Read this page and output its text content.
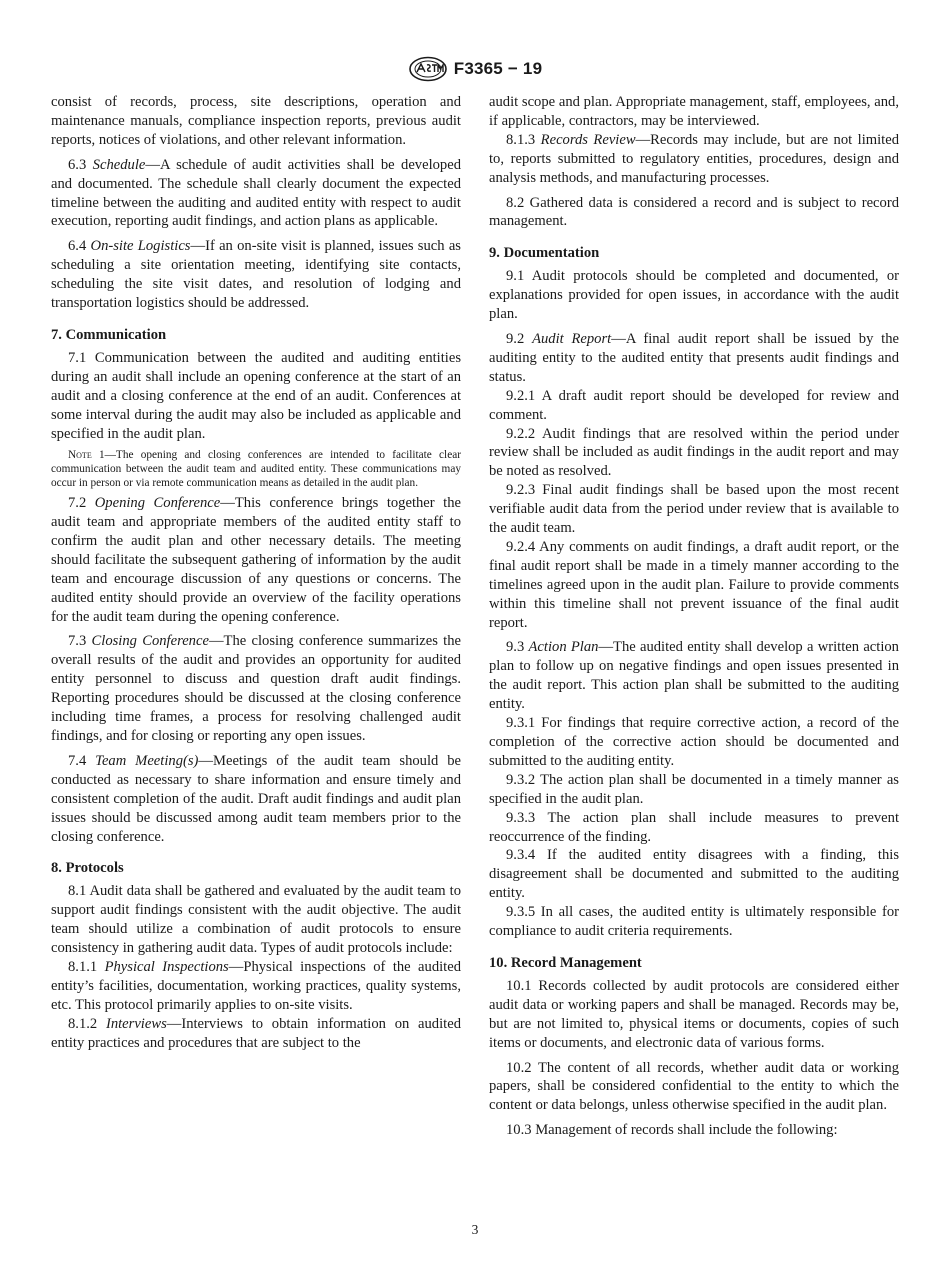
F3365 − 19

consist of records, process, site descriptions, operation and maintenance manuals, compliance inspection reports, previous audit reports, notices of violations, and other relevant information.

6.3 Schedule—A schedule of audit activities shall be developed and documented. The schedule shall clearly document the expected timeline between the auditing and audited entity with respect to audit execution, reporting audit findings, and action plans as applicable.

6.4 On-site Logistics—If an on-site visit is planned, issues such as scheduling a site orientation meeting, identifying site contacts, scheduling the site visit dates, and resolution of lodging and transportation logistics should be addressed.

7. Communication

7.1 Communication between the audited and auditing entities during an audit shall include an opening conference at the start of an audit and a closing conference at the end of an audit. Conferences at some interval during the audit may also be included as applicable and specified in the audit plan.

Note 1—The opening and closing conferences are intended to facilitate clear communication between the audit team and audited entity. These communications may occur in person or via remote communication means as detailed in the audit plan.

7.2 Opening Conference—This conference brings together the audit team and appropriate members of the audited entity staff to confirm the audit plan and other necessary details. The meeting should facilitate the subsequent gathering of information by the audit team and encourage discussion of any questions or concerns. The audited entity should provide an overview of the facility operations for the audit team during the opening conference.

7.3 Closing Conference—The closing conference summarizes the overall results of the audit and provides an opportunity for audited entity personnel to discuss and question draft audit findings. Reporting procedures should be discussed at the closing conference including time frames, a process for resolving challenged audit findings, and for closing or reporting any open issues.

7.4 Team Meeting(s)—Meetings of the audit team should be conducted as necessary to share information and ensure timely and consistent completion of the audit. Draft audit findings and audit plan issues should be discussed among audit team members prior to the closing conference.

8. Protocols

8.1 Audit data shall be gathered and evaluated by the audit team to support audit findings consistent with the audit objective. The audit team should utilize a combination of audit protocols to ensure consistency in gathering audit data. Types of audit protocols include:

8.1.1 Physical Inspections—Physical inspections of the audited entity’s facilities, documentation, working practices, quality systems, etc. This protocol primarily applies to on-site visits.

8.1.2 Interviews—Interviews to obtain information on audited entity practices and procedures that are subject to the

audit scope and plan. Appropriate management, staff, employees, and, if applicable, contractors, may be interviewed.

8.1.3 Records Review—Records may include, but are not limited to, reports submitted to regulatory entities, procedures, design and analysis methods, and manufacturing processes.

8.2 Gathered data is considered a record and is subject to record management.

9. Documentation

9.1 Audit protocols should be completed and documented, or explanations provided for open issues, in accordance with the audit plan.

9.2 Audit Report—A final audit report shall be issued by the auditing entity to the audited entity that presents audit findings and status.

9.2.1 A draft audit report should be developed for review and comment.

9.2.2 Audit findings that are resolved within the period under review shall be included as audit findings in the audit report and may be noted as resolved.

9.2.3 Final audit findings shall be based upon the most recent verifiable audit data from the period under review that is available to the audit team.

9.2.4 Any comments on audit findings, a draft audit report, or the final audit report shall be made in a timely manner according to the timelines agreed upon in the audit plan. Failure to provide comments within this timeline shall not prevent issuance of the final audit report.

9.3 Action Plan—The audited entity shall develop a written action plan to follow up on negative findings and open issues presented in the audit report. This action plan shall be submitted to the auditing entity.

9.3.1 For findings that require corrective action, a record of the completion of the corrective action should be documented and submitted to the auditing entity.

9.3.2 The action plan shall be documented in a timely manner as specified in the audit plan.

9.3.3 The action plan shall include measures to prevent reoccurrence of the finding.

9.3.4 If the audited entity disagrees with a finding, this disagreement shall be documented and submitted to the auditing entity.

9.3.5 In all cases, the audited entity is ultimately responsible for compliance to audit criteria requirements.

10. Record Management

10.1 Records collected by audit protocols are considered either audit data or working papers and shall be managed. Records may be, but are not limited to, physical items or documents, copies of such items or documents, and electronic data of various forms.

10.2 The content of all records, whether audit data or working papers, shall be considered confidential to the entity to which the content or data belongs, unless otherwise specified in the audit plan.

10.3 Management of records shall include the following:

3
